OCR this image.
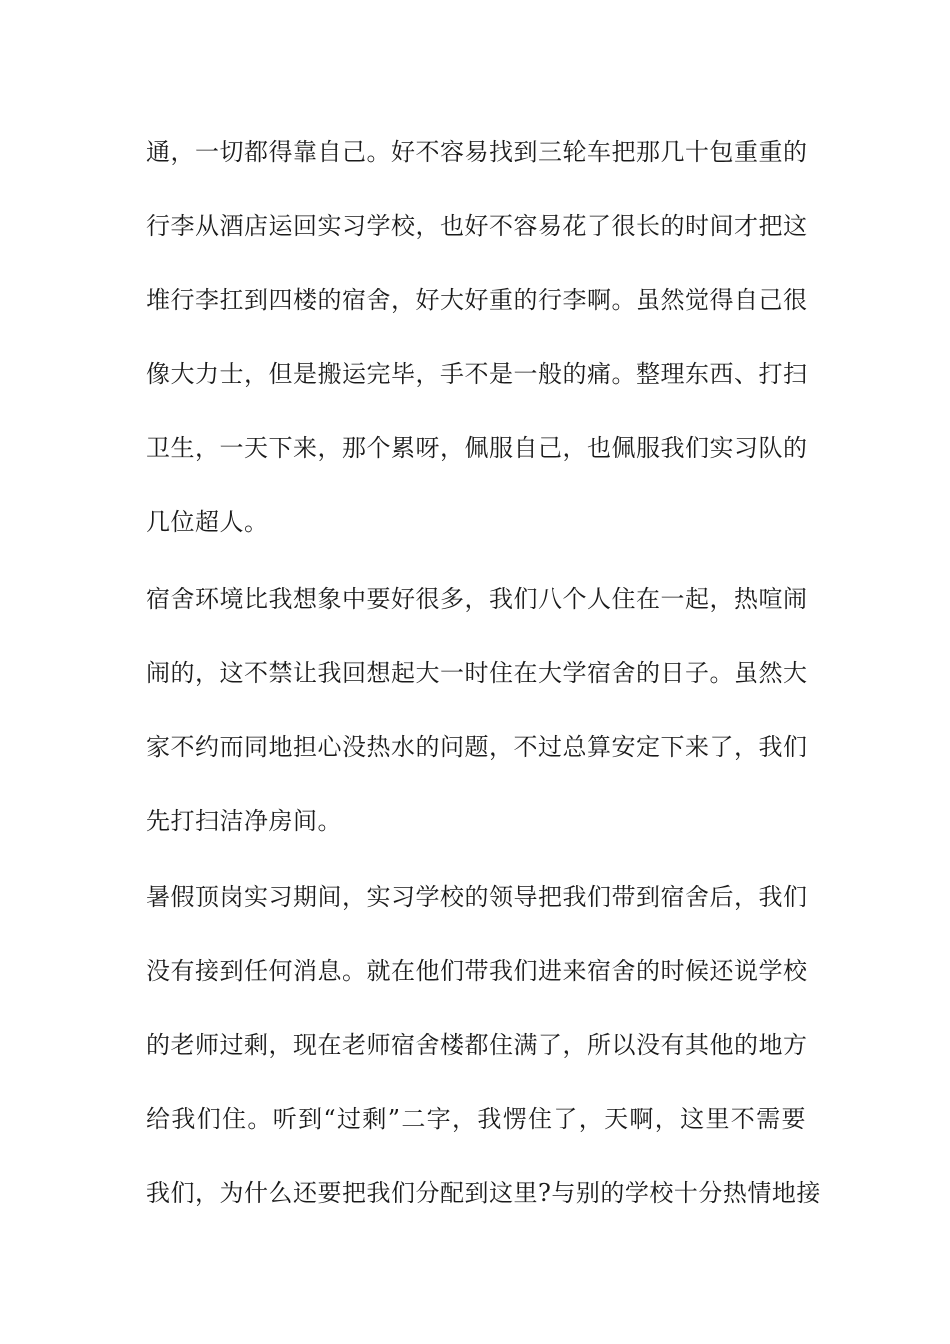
通，一切都得靠自己。好不容易找到三轮车把那几十包重重的
行李从酒店运回实习学校，也好不容易花了很长的时间才把这
堆行李扛到四楼的宿舍，好大好重的行李啊。虽然觉得自己很
像大力士，但是搬运完毕，手不是一般的痛。整理东西、打扫
卫生，一天下来，那个累呀，佩服自己，也佩服我们实习队的
几位超人。
宿舍环境比我想象中要好很多，我们八个人住在一起，热喧闹
闹的，这不禁让我回想起大一时住在大学宿舍的日子。虽然大
家不约而同地担心没热水的问题，不过总算安定下来了，我们
先打扫洁净房间。
暑假顶岗实习期间，实习学校的领导把我们带到宿舍后，我们
没有接到任何消息。就在他们带我们进来宿舍的时候还说学校
的老师过剩，现在老师宿舍楼都住满了，所以没有其他的地方
给我们住。听到“过剩”二字，我愣住了，天啊，这里不需要
我们，为什么还要把我们分配到这里?与别的学校十分热情地接
